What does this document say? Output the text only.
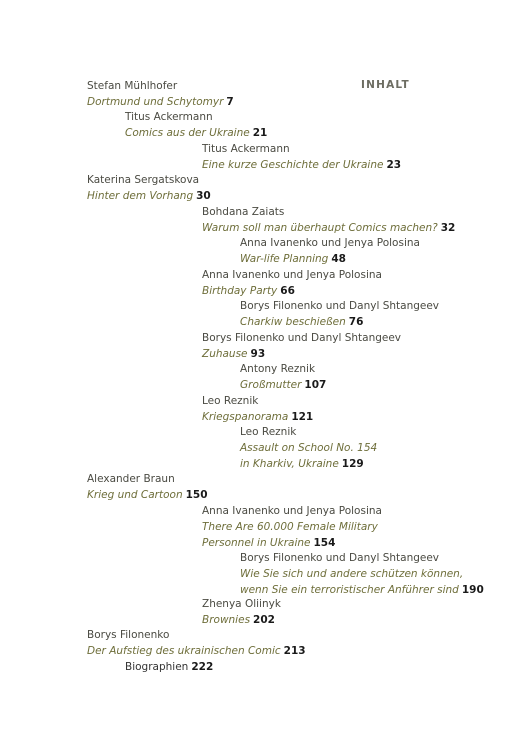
INHALT
Stefan Mühlhofer
Dortmund und Schytomyr 7
Titus Ackermann
Comics aus der Ukraine 21
Titus Ackermann
Eine kurze Geschichte der Ukraine 23
Katerina Sergatskova
Hinter dem Vorhang 30
Bohdana Zaiats
Warum soll man überhaupt Comics machen? 32
Anna Ivanenko und Jenya Polosina
War-life Planning 48
Anna Ivanenko und Jenya Polosina
Birthday Party 66
Borys Filonenko und Danyl Shtangeev
Charkiw beschießen 76
Borys Filonenko und Danyl Shtangeev
Zuhause 93
Antony Reznik
Großmutter 107
Leo Reznik
Kriegspanorama 121
Leo Reznik
Assault on School No. 154
in Kharkiv, Ukraine 129
Alexander Braun
Krieg und Cartoon 150
Anna Ivanenko und Jenya Polosina
There Are 60.000 Female Military
Personnel in Ukraine 154
Borys Filonenko und Danyl Shtangeev
Wie Sie sich und andere schützen können,
wenn Sie ein terroristischer Anführer sind 190
Zhenya Oliinyk
Brownies 202
Borys Filonenko
Der Aufstieg des ukrainischen Comic 213
Biographien 222
